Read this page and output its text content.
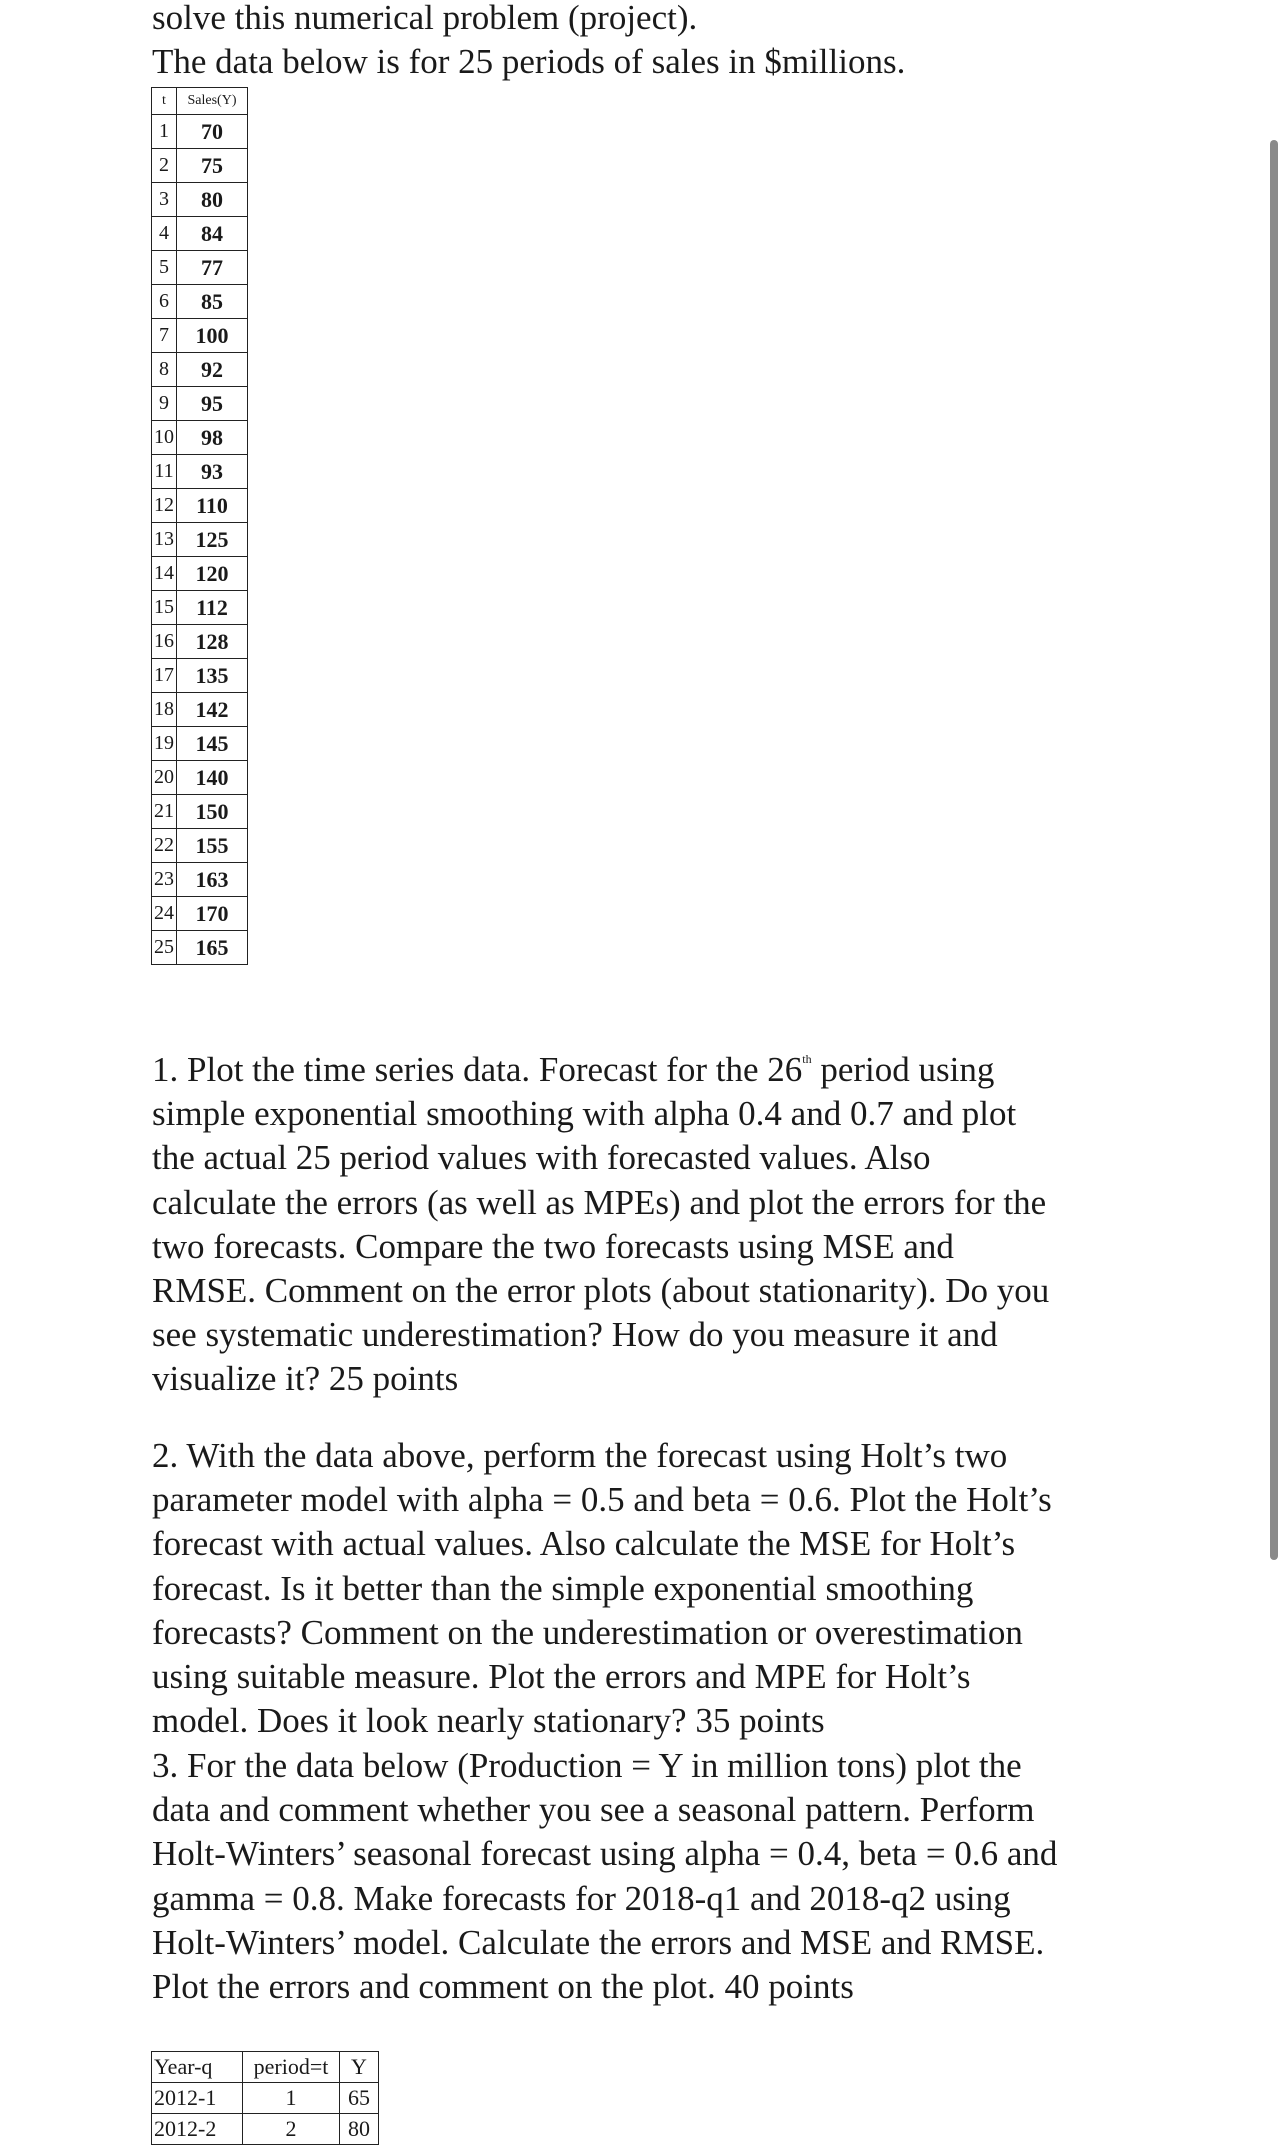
solve this numerical problem (project).
The data below is for 25 periods of sales in $millions.
t	Sales(Y)
1	70
2	75
3	80
4	84
5	77
6	85
7	100
8	92
9	95
10	98
11	93
12	110
13	125
14	120
15	112
16	128
17	135
18	142
19	145
20	140
21	150
22	155
23	163
24	170
25	165
1. Plot the time series data. Forecast for the 26th period using
simple exponential smoothing with alpha 0.4 and 0.7 and plot
the actual 25 period values with forecasted values. Also
calculate the errors (as well as MPEs) and plot the errors for the
two forecasts. Compare the two forecasts using MSE and
RMSE. Comment on the error plots (about stationarity). Do you
see systematic underestimation? How do you measure it and
visualize it? 25 points
2. With the data above, perform the forecast using Holt’s two
parameter model with alpha = 0.5 and beta = 0.6. Plot the Holt’s
forecast with actual values. Also calculate the MSE for Holt’s
forecast. Is it better than the simple exponential smoothing
forecasts? Comment on the underestimation or overestimation
using suitable measure. Plot the errors and MPE for Holt’s
model. Does it look nearly stationary? 35 points
3. For the data below (Production = Y in million tons) plot the
data and comment whether you see a seasonal pattern. Perform
Holt-Winters’ seasonal forecast using alpha = 0.4, beta = 0.6 and
gamma = 0.8. Make forecasts for 2018-q1 and 2018-q2 using
Holt-Winters’ model. Calculate the errors and MSE and RMSE.
Plot the errors and comment on the plot. 40 points
Year-q	period=t	Y
2012-1	1	65
2012-2	2	80
